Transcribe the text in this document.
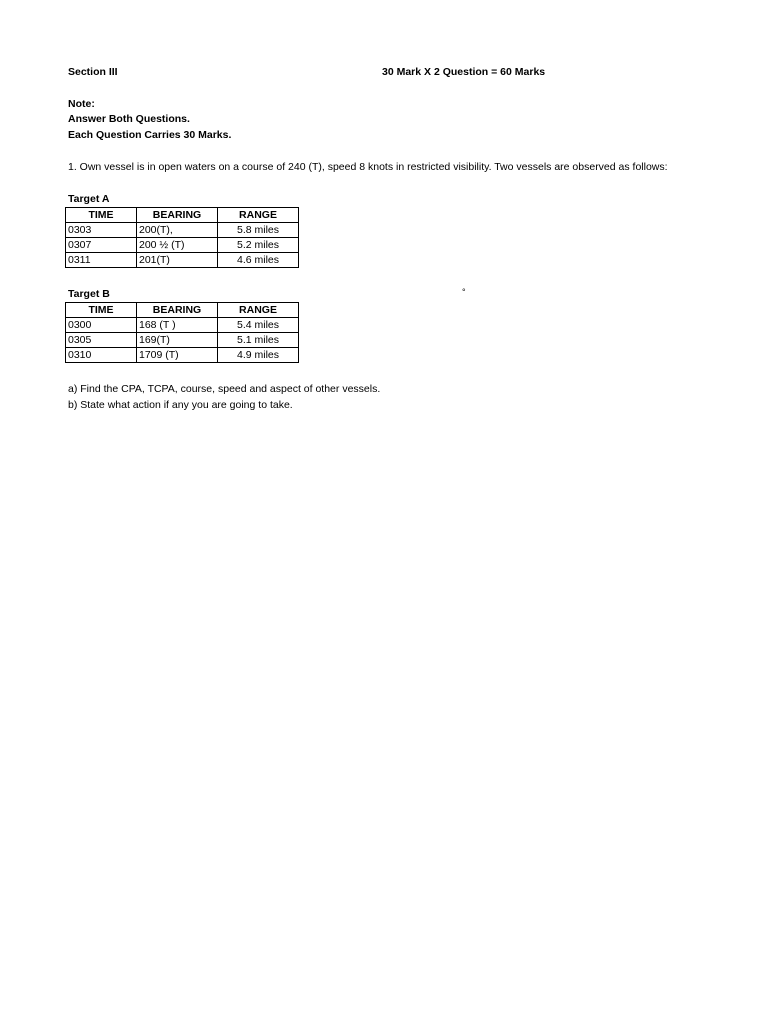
Section III	30 Mark X 2 Question = 60 Marks
Note:
Answer Both Questions.
Each Question Carries 30 Marks.
1. Own vessel is in open waters on a course of 240 (T), speed 8 knots in restricted visibility. Two vessels are observed as follows:
Target A
TIME	BEARING	RANGE
0303	200(T),	5.8 miles
0307	200 ½ (T)	5.2 miles
0311	201(T)	4.6 miles
Target B	°
TIME	BEARING	RANGE
0300	168 (T )	5.4 miles
0305	169(T)	5.1 miles
0310	1709 (T)	4.9 miles
a) Find the CPA, TCPA, course, speed and aspect of other vessels.
b) State what action if any you are going to take.
